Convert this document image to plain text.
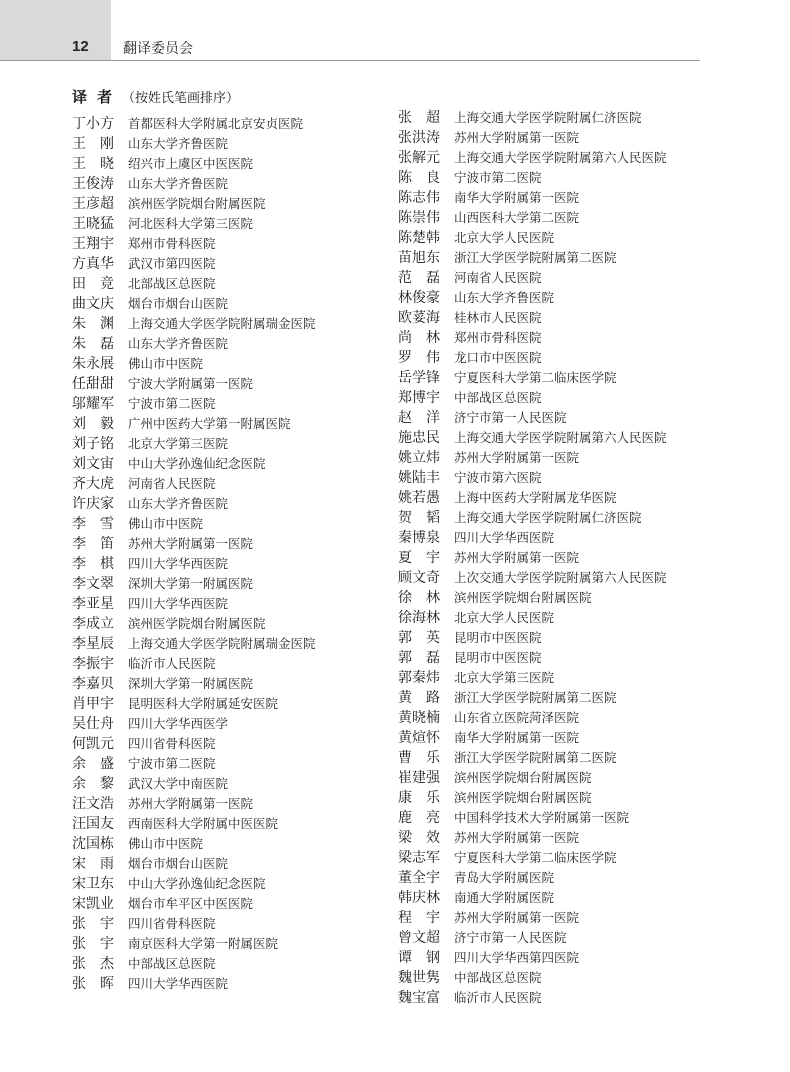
12 翻译委员会
译者（按姓氏笔画排序）
丁小方	首都医科大学附属北京安贞医院
王　刚	山东大学齐鲁医院
王　晓	绍兴市上虞区中医医院
王俊涛	山东大学齐鲁医院
王彦超	滨州医学院烟台附属医院
王晓猛	河北医科大学第三医院
王翔宇	郑州市骨科医院
方真华	武汉市第四医院
田　竞	北部战区总医院
曲文庆	烟台市烟台山医院
朱　渊	上海交通大学医学院附属瑞金医院
朱　磊	山东大学齐鲁医院
朱永展	佛山市中医院
任甜甜	宁波大学附属第一医院
邬耀军	宁波市第二医院
刘　毅	广州中医药大学第一附属医院
刘子铭	北京大学第三医院
刘文宙	中山大学孙逸仙纪念医院
齐大虎	河南省人民医院
许庆家	山东大学齐鲁医院
李　雪	佛山市中医院
李　笛	苏州大学附属第一医院
李　棋	四川大学华西医院
李文翠	深圳大学第一附属医院
李亚星	四川大学华西医院
李成立	滨州医学院烟台附属医院
李星辰	上海交通大学医学院附属瑞金医院
李振宇	临沂市人民医院
李嘉贝	深圳大学第一附属医院
肖甲宇	昆明医科大学附属延安医院
吴仕舟	四川大学华西医学
何凯元	四川省骨科医院
余　盛	宁波市第二医院
余　黎	武汉大学中南医院
汪文浩	苏州大学附属第一医院
汪国友	西南医科大学附属中医医院
沈国栋	佛山市中医院
宋　雨	烟台市烟台山医院
宋卫东	中山大学孙逸仙纪念医院
宋凯业	烟台市牟平区中医医院
张　宇	四川省骨科医院
张　宇	南京医科大学第一附属医院
张　杰	中部战区总医院
张　晖	四川大学华西医院
张　超	上海交通大学医学院附属仁济医院
张洪涛	苏州大学附属第一医院
张解元	上海交通大学医学院附属第六人民医院
陈　良	宁波市第二医院
陈志伟	南华大学附属第一医院
陈崇伟	山西医科大学第二医院
陈楚韩	北京大学人民医院
苗旭东	浙江大学医学院附属第二医院
范　磊	河南省人民医院
林俊豪	山东大学齐鲁医院
欧荽海	桂林市人民医院
尚　林	郑州市骨科医院
罗　伟	龙口市中医医院
岳学锋	宁夏医科大学第二临床医学院
郑博宇	中部战区总医院
赵　洋	济宁市第一人民医院
施忠民	上海交通大学医学院附属第六人民医院
姚立炜	苏州大学附属第一医院
姚陆丰	宁波市第六医院
姚若愚	上海中医药大学附属龙华医院
贺　韬	上海交通大学医学院附属仁济医院
秦博泉	四川大学华西医院
夏　宇	苏州大学附属第一医院
顾文奇	上次交通大学医学院附属第六人民医院
徐　林	滨州医学院烟台附属医院
徐海林	北京大学人民医院
郭　英	昆明市中医医院
郭　磊	昆明市中医医院
郭秦炜	北京大学第三医院
黄　路	浙江大学医学院附属第二医院
黄晓楠	山东省立医院菏泽医院
黄煊怀	南华大学附属第一医院
曹　乐	浙江大学医学院附属第二医院
崔建强	滨州医学院烟台附属医院
康　乐	滨州医学院烟台附属医院
鹿　亮	中国科学技术大学附属第一医院
梁　效	苏州大学附属第一医院
梁志军	宁夏医科大学第二临床医学院
董全宇	青岛大学附属医院
韩庆林	南通大学附属医院
程　宇	苏州大学附属第一医院
曾文超	济宁市第一人民医院
谭　钢	四川大学华西第四医院
魏世隽	中部战区总医院
魏宝富	临沂市人民医院
